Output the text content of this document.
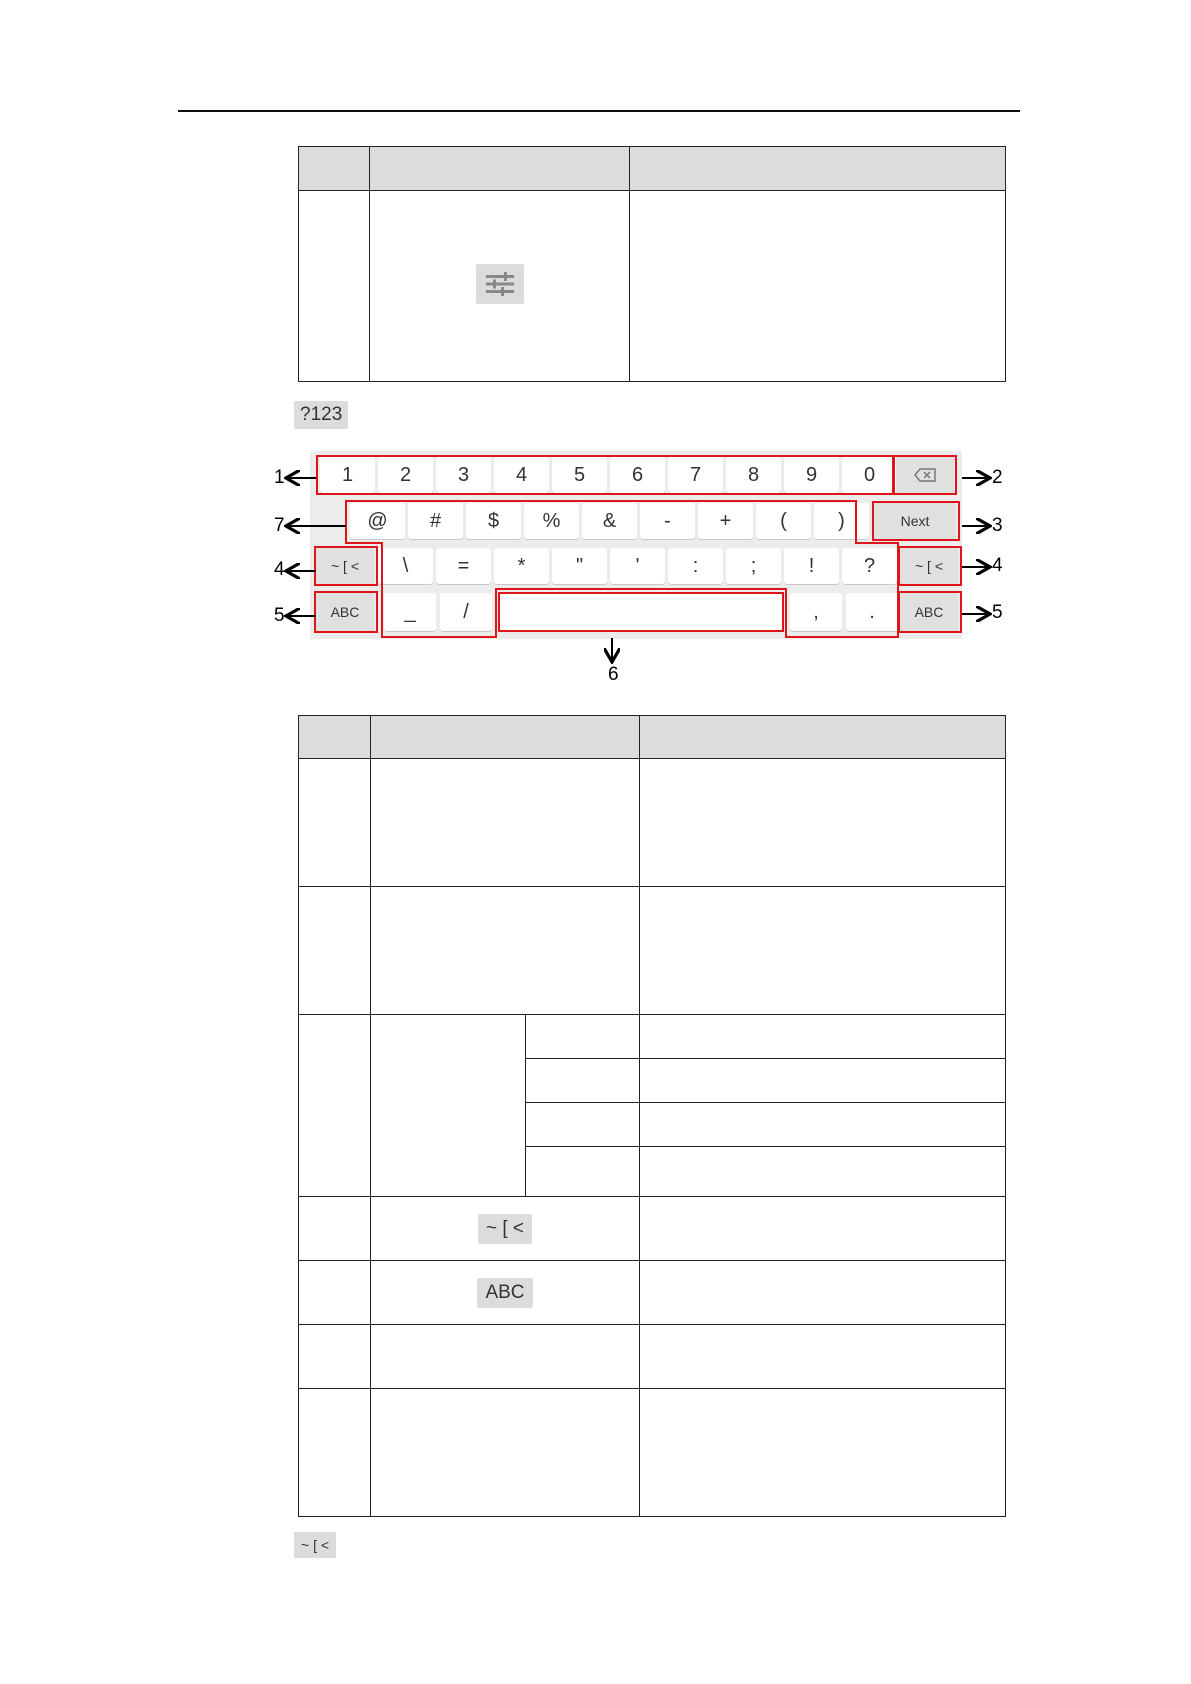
?123
1	2	3	4	5	6	7	8	9	0
@	#	$	%	&	-	+	(	)	Next
~ [ <	\	=	*	"	'	:	;	!	?	~ [ <
ABC	_	/	,	.	ABC

	~ [ <		
	ABC		

~ [ <
1	2
3
4	4
5	5
6
7
